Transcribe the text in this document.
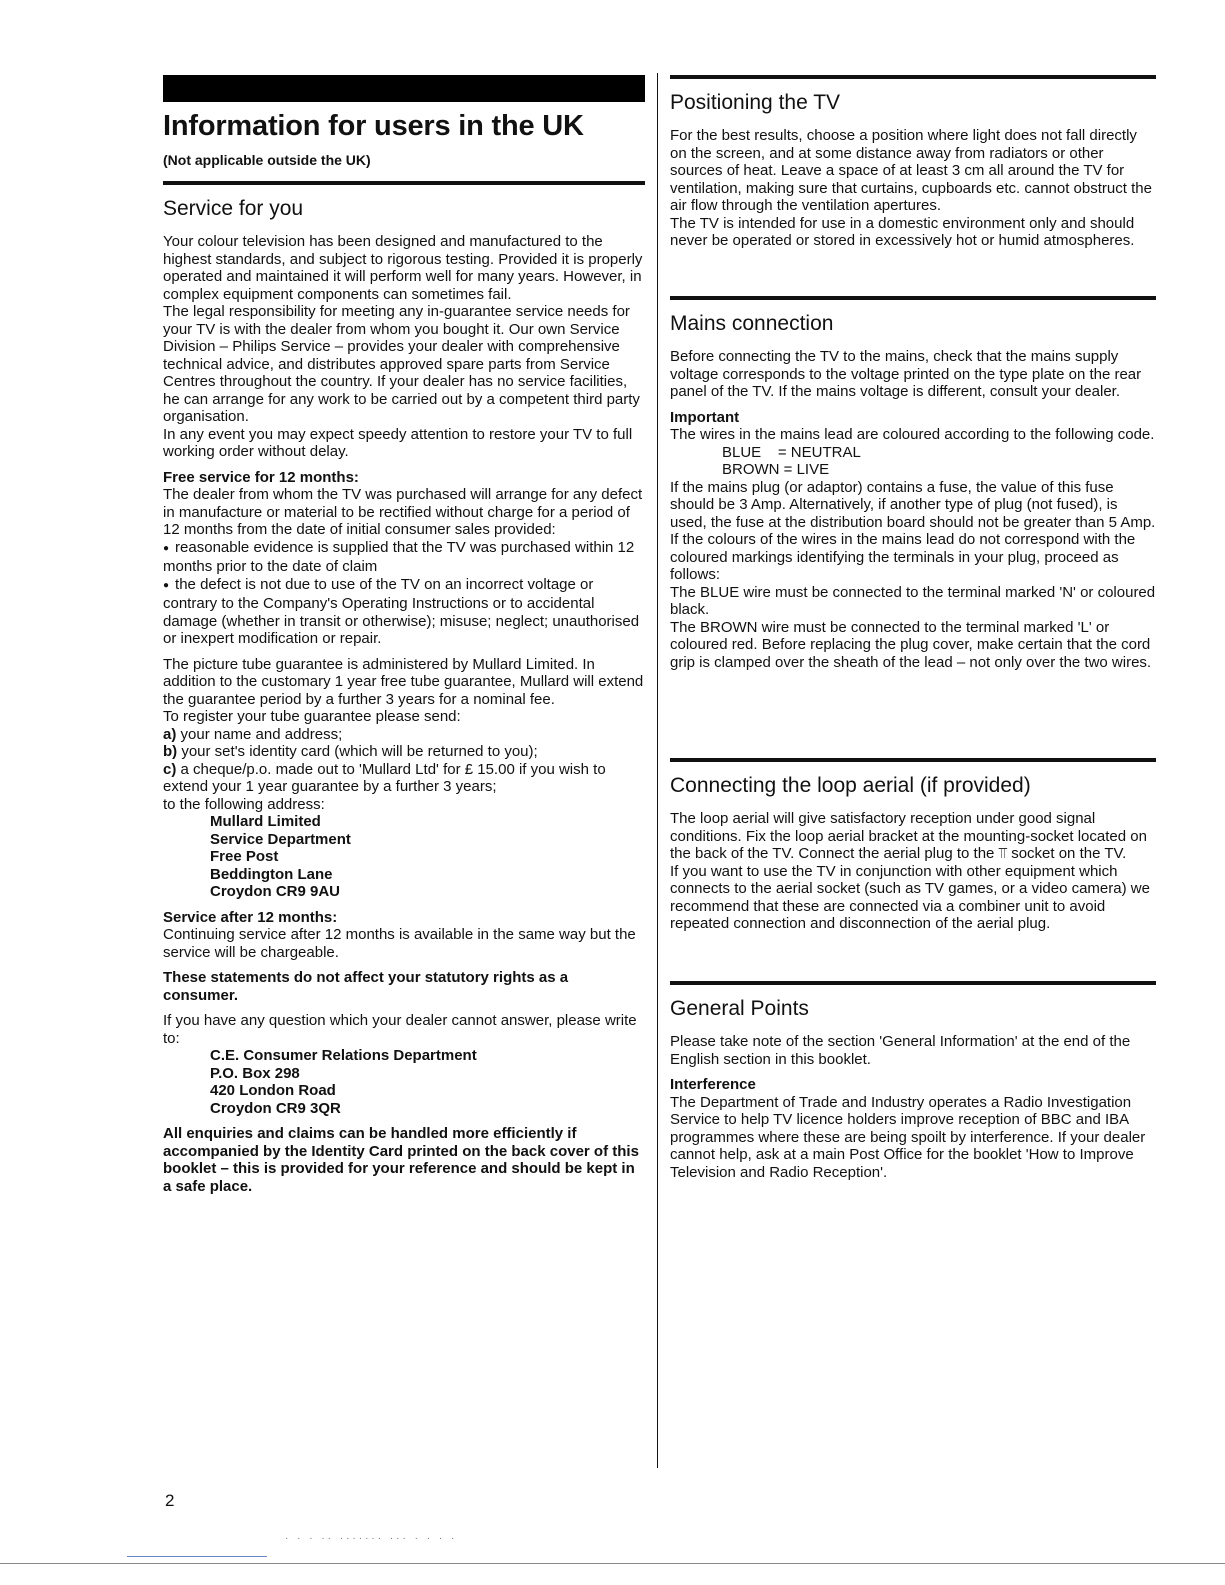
Information for users in the UK
(Not applicable outside the UK)
Service for you

Your colour television has been designed and manufactured to the highest standards, and subject to rigorous testing. Provided it is properly operated and maintained it will perform well for many years. However, in complex equipment components can sometimes fail.

The legal responsibility for meeting any in-guarantee service needs for your TV is with the dealer from whom you bought it. Our own Service Division – Philips Service – provides your dealer with comprehensive technical advice, and distributes approved spare parts from Service Centres throughout the country. If your dealer has no service facilities, he can arrange for any work to be carried out by a competent third party organisation.

In any event you may expect speedy attention to restore your TV to full working order without delay.

Free service for 12 months:

The dealer from whom the TV was purchased will arrange for any defect in manufacture or material to be rectified without charge for a period of 12 months from the date of initial consumer sales provided:

● reasonable evidence is supplied that the TV was purchased within 12 months prior to the date of claim

● the defect is not due to use of the TV on an incorrect voltage or contrary to the Company's Operating Instructions or to accidental damage (whether in transit or otherwise); misuse; neglect; unauthorised or inexpert modification or repair.

The picture tube guarantee is administered by Mullard Limited. In addition to the customary 1 year free tube guarantee, Mullard will extend the guarantee period by a further 3 years for a nominal fee.

To register your tube guarantee please send:

a) your name and address;

b) your set's identity card (which will be returned to you);

c) a cheque/p.o. made out to 'Mullard Ltd' for £ 15.00 if you wish to extend your 1 year guarantee by a further 3 years;

to the following address:

Mullard Limited

Service Department

Free Post

Beddington Lane

Croydon CR9 9AU

Service after 12 months:

Continuing service after 12 months is available in the same way but the service will be chargeable.

These statements do not affect your statutory rights as a consumer.

If you have any question which your dealer cannot answer, please write to:

C.E. Consumer Relations Department

P.O. Box 298

420 London Road

Croydon CR9 3QR

All enquiries and claims can be handled more efficiently if accompanied by the Identity Card printed on the back cover of this booklet – this is provided for your reference and should be kept in a safe place.

Positioning the TV

For the best results, choose a position where light does not fall directly on the screen, and at some distance away from radiators or other sources of heat. Leave a space of at least 3 cm all around the TV for ventilation, making sure that curtains, cupboards etc. cannot obstruct the air flow through the ventilation apertures.

The TV is intended for use in a domestic environment only and should never be operated or stored in excessively hot or humid atmospheres.

Mains connection

Before connecting the TV to the mains, check that the mains supply voltage corresponds to the voltage printed on the type plate on the rear panel of the TV. If the mains voltage is different, consult your dealer.

Important

The wires in the mains lead are coloured according to the following code.

BLUE    = NEUTRAL

BROWN = LIVE

If the mains plug (or adaptor) contains a fuse, the value of this fuse should be 3 Amp. Alternatively, if another type of plug (not fused), is used, the fuse at the distribution board should not be greater than 5 Amp.

If the colours of the wires in the mains lead do not correspond with the coloured markings identifying the terminals in your plug, proceed as follows:

The BLUE wire must be connected to the terminal marked 'N' or coloured black.

The BROWN wire must be connected to the terminal marked 'L' or coloured red. Before replacing the plug cover, make certain that the cord grip is clamped over the sheath of the lead – not only over the two wires.

Connecting the loop aerial (if provided)

The loop aerial will give satisfactory reception under good signal conditions. Fix the loop aerial bracket at the mounting-socket located on the back of the TV. Connect the aerial plug to the ⫪ socket on the TV.

If you want to use the TV in conjunction with other equipment which connects to the aerial socket (such as TV games, or a video camera) we recommend that these are connected via a combiner unit to avoid repeated connection and disconnection of the aerial plug.

General Points

Please take note of the section 'General Information' at the end of the English section in this booklet.

Interference

The Department of Trade and Industry operates a Radio Investigation Service to help TV licence holders improve reception of BBC and IBA programmes where these are being spoilt by interference. If your dealer cannot help, ask at a main Post Office for the booklet 'How to Improve Television and Radio Reception'.

2
· · · ·· ······· ··· · · · ·
